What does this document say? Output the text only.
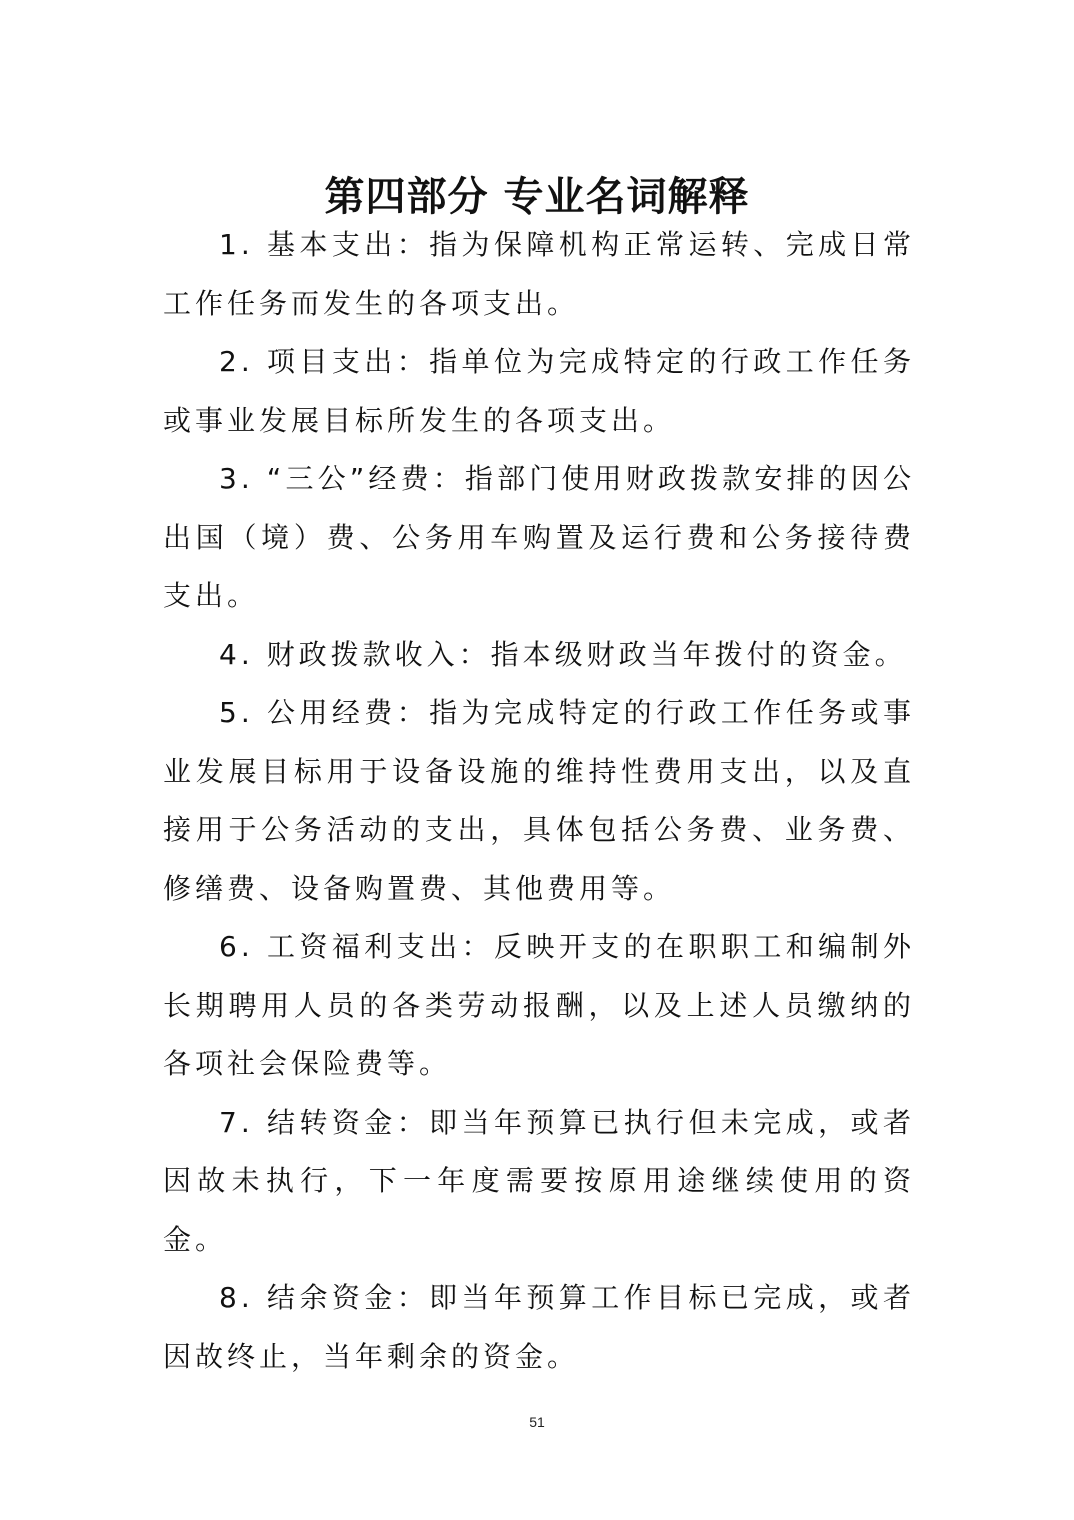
第四部分 专业名词解释

1. 基本支出：指为保障机构正常运转、完成日常工作任务而发生的各项支出。

2. 项目支出：指单位为完成特定的行政工作任务或事业发展目标所发生的各项支出。

3. “三公”经费：指部门使用财政拨款安排的因公出国（境）费、公务用车购置及运行费和公务接待费支出。

4. 财政拨款收入：指本级财政当年拨付的资金。

5. 公用经费：指为完成特定的行政工作任务或事业发展目标用于设备设施的维持性费用支出，以及直接用于公务活动的支出，具体包括公务费、业务费、修缮费、设备购置费、其他费用等。

6. 工资福利支出：反映开支的在职职工和编制外长期聘用人员的各类劳动报酬，以及上述人员缴纳的各项社会保险费等。

7. 结转资金：即当年预算已执行但未完成，或者因故未执行，下一年度需要按原用途继续使用的资金。

8. 结余资金：即当年预算工作目标已完成，或者因故终止，当年剩余的资金。

51
